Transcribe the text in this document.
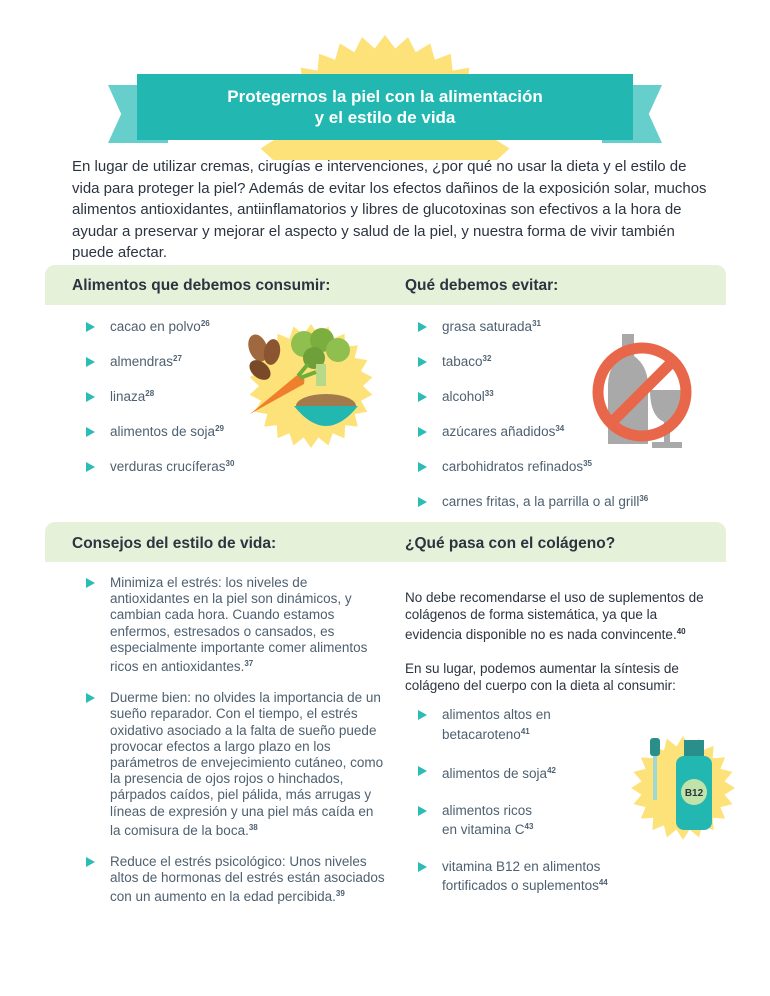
Protegernos la piel con la alimentación
y el estilo de vida

En lugar de utilizar cremas, cirugías e intervenciones, ¿por qué no usar la dieta y el estilo de vida para proteger la piel? Además de evitar los efectos dañinos de la exposición solar, muchos alimentos antioxidantes, antiinflamatorios y libres de glucotoxinas son efectivos a la hora de ayudar a preservar y mejorar el aspecto y salud de la piel, y nuestra forma de vivir también puede afectar.

Alimentos que debemos consumir:	Qué debemos evitar:
cacao en polvo$^{26}$
almendras$^{27}$
linaza$^{28}$
alimentos de soja$^{29}$
verduras crucíferas$^{30}$
grasa saturada$^{31}$
tabaco$^{32}$
alcohol$^{33}$
azúcares añadidos$^{34}$
carbohidratos refinados$^{35}$
carnes fritas, a la parrilla o al grill$^{36}$
Consejos del estilo de vida:	¿Qué pasa con el colágeno?
Minimiza el estrés: los niveles de antioxidantes en la piel son dinámicos, y cambian cada hora. Cuando estamos enfermos, estresados o cansados, es especialmente importante comer alimentos ricos en antioxidantes.$^{37}$
Duerme bien: no olvides la importancia de un sueño reparador. Con el tiempo, el estrés oxidativo asociado a la falta de sueño puede provocar efectos a largo plazo en los parámetros de envejecimiento cutáneo, como la presencia de ojos rojos o hinchados, párpados caídos, piel pálida, más arrugas y líneas de expresión y una piel más caída en la comisura de la boca.$^{38}$
Reduce el estrés psicológico: Unos niveles altos de hormonas del estrés están asociados con un aumento en la edad percibida.$^{39}$

No debe recomendarse el uso de suplementos de colágenos de forma sistemática, ya que la evidencia disponible no es nada convincente.$^{40}$

En su lugar, podemos aumentar la síntesis de colágeno del cuerpo con la dieta al consumir:

alimentos altos en betacaroteno$^{41}$
alimentos de soja$^{42}$
alimentos ricos en vitamina $C^{43}$
vitamina B12 en alimentos fortificados o suplementos$^{44}$
B12
